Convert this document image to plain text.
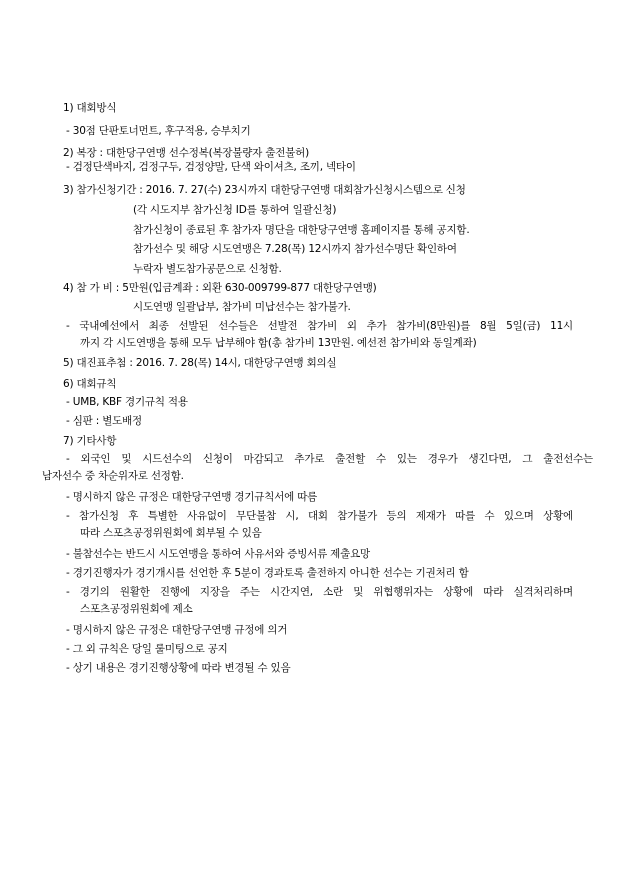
1) 대회방식
- 30점 단판토너먼트, 후구적용, 승부치기
2) 복장 : 대한당구연맹 선수정복(복장불량자 출전불허)
- 검정단색바지, 검정구두, 검정양말, 단색 와이셔츠, 조끼, 넥타이
3) 참가신청기간 : 2016. 7. 27(수) 23시까지 대한당구연맹 대회참가신청시스템으로 신청
(각 시도지부 참가신청 ID를 통하여 일괄신청)
참가신청이 종료된 후 참가자 명단을 대한당구연맹 홈페이지를 통해 공지함.
참가선수 및 해당 시도연맹은 7.28(목) 12시까지 참가선수명단 확인하여
누락자 별도참가공문으로 신청함.
4) 참 가 비 : 5만원(입금계좌 : 외환 630-009799-877 대한당구연맹)
시도연맹 일괄납부, 참가비 미납선수는 참가불가.
- 국내예선에서 최종 선발된 선수들은 선발전 참가비 외 추가 참가비(8만원)를 8월 5일(금) 11시
까지 각 시도연맹을 통해 모두 납부해야 함(총 참가비 13만원. 예선전 참가비와 동일계좌)
5) 대진표추첨 : 2016. 7. 28(목) 14시, 대한당구연맹 회의실
6) 대회규칙
- UMB, KBF 경기규칙 적용
- 심판 : 별도배정
7) 기타사항
- 외국인 및 시드선수의 신청이 마감되고 추가로 출전할 수 있는 경우가 생긴다면, 그 출전선수는
남자선수 중 차순위자로 선정함.
- 명시하지 않은 규정은 대한당구연맹 경기규칙서에 따름
- 참가신청 후 특별한 사유없이 무단불참 시, 대회 참가불가 등의 제재가 따를 수 있으며 상황에
따라 스포츠공정위원회에 회부될 수 있음
- 불참선수는 반드시 시도연맹을 통하여 사유서와 증빙서류 제출요망
- 경기진행자가 경기개시를 선언한 후 5분이 경과토록 출전하지 아니한 선수는 기권처리 함
- 경기의 원활한 진행에 지장을 주는 시간지연, 소란 및 위협행위자는 상황에 따라 실격처리하며
스포츠공정위원회에 제소
- 명시하지 않은 규정은 대한당구연맹 규정에 의거
- 그 외 규칙은 당일 룰미팅으로 공지
- 상기 내용은 경기진행상황에 따라 변경될 수 있음
